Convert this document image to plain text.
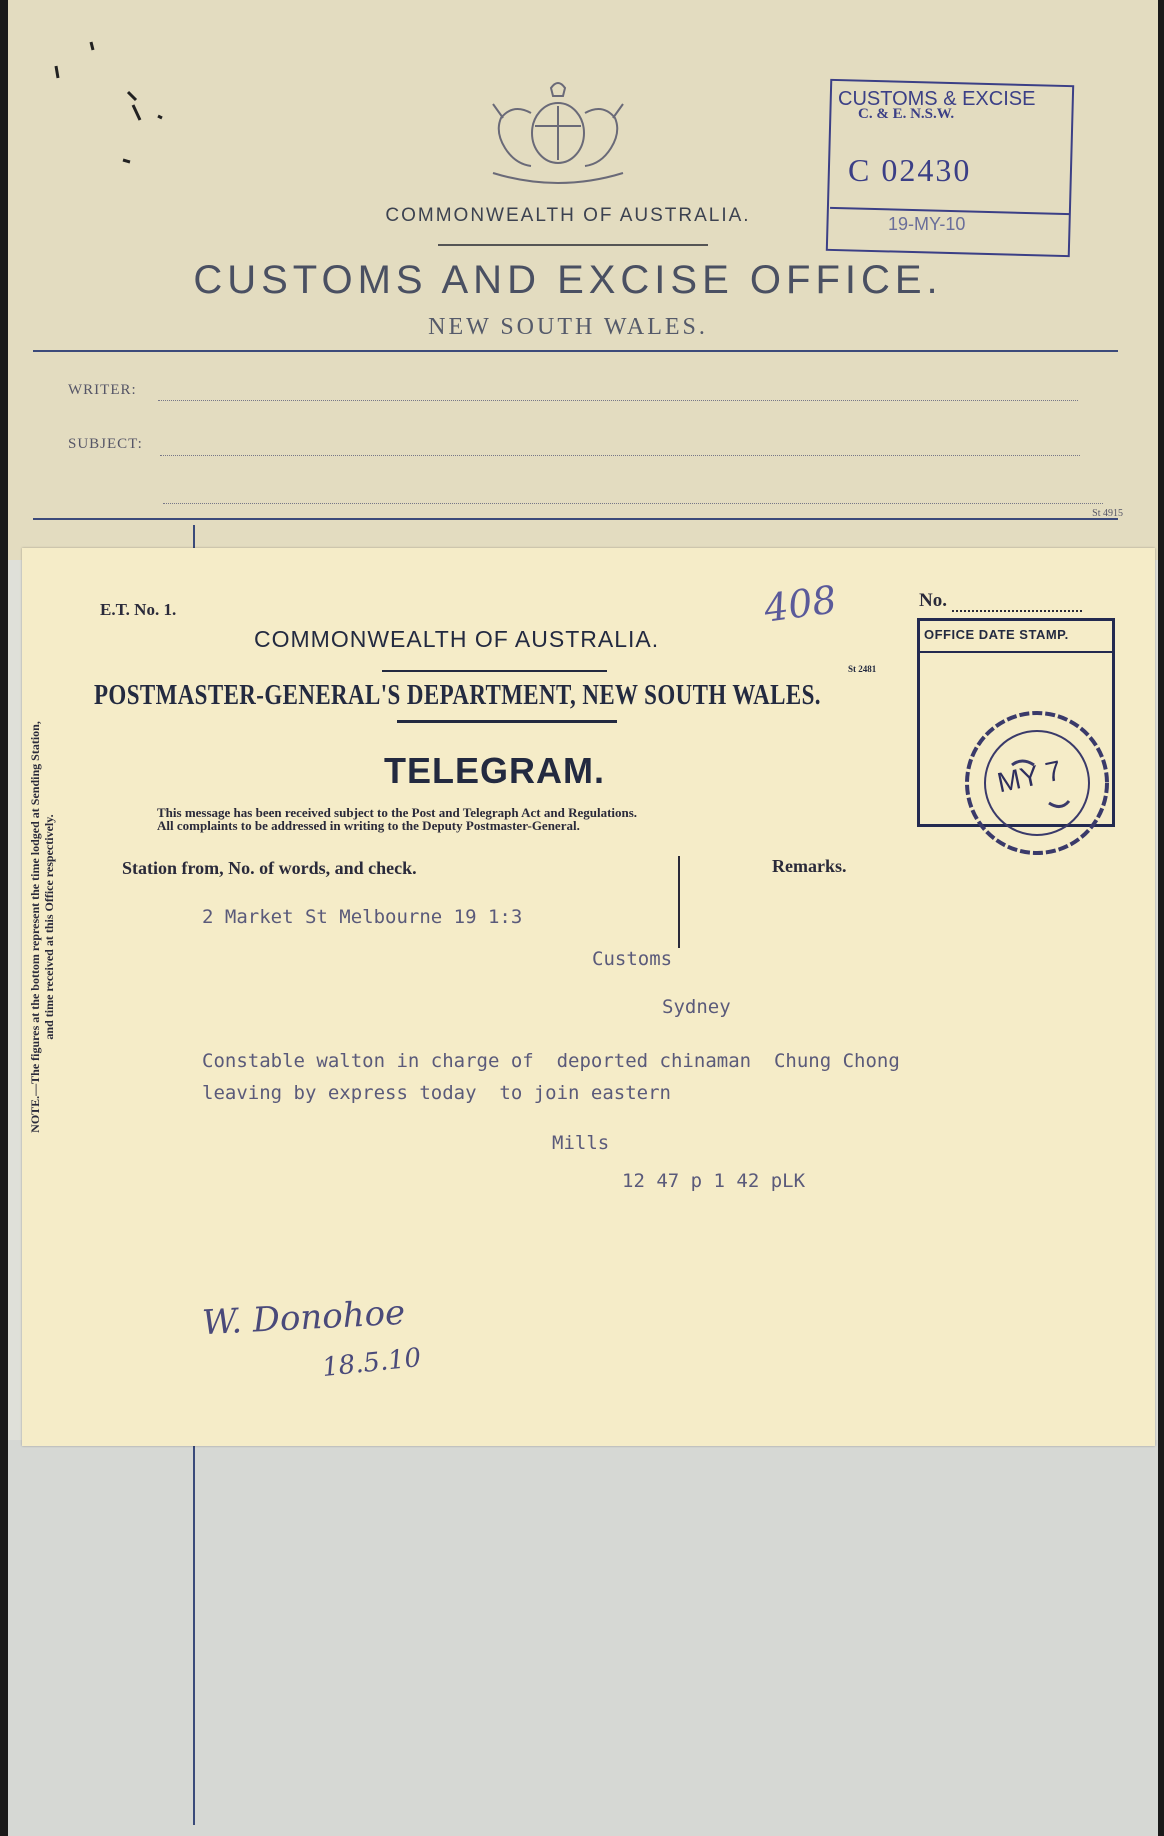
COMMONWEALTH OF AUSTRALIA.
CUSTOMS AND EXCISE OFFICE.
NEW SOUTH WALES.
WRITER:
SUBJECT:
St 4915
CUSTOMS & EXCISE
C. & E. N.S.W.
C 02430
19-MY-10
E.T. No. 1.
COMMONWEALTH OF AUSTRALIA.
St 2481
POSTMASTER-GENERAL'S DEPARTMENT, NEW SOUTH WALES.
TELEGRAM.
This message has been received subject to the Post and Telegraph Act and Regulations.
All complaints to be addressed in writing to the Deputy Postmaster-General.
Station from, No. of words, and check.	Remarks.
No.
408
NOTE.—The figures at the bottom represent the time lodged at Sending Station, and time received at this Office respectively.
OFFICE DATE STAMP.
MY 7
2 Market St Melbourne 19 1:3
Customs
Sydney
Constable walton in charge of  deported chinaman  Chung Chong
leaving by express today  to join eastern
Mills
12 47 p 1 42 pLK
W. Donohoe
18.5.10
